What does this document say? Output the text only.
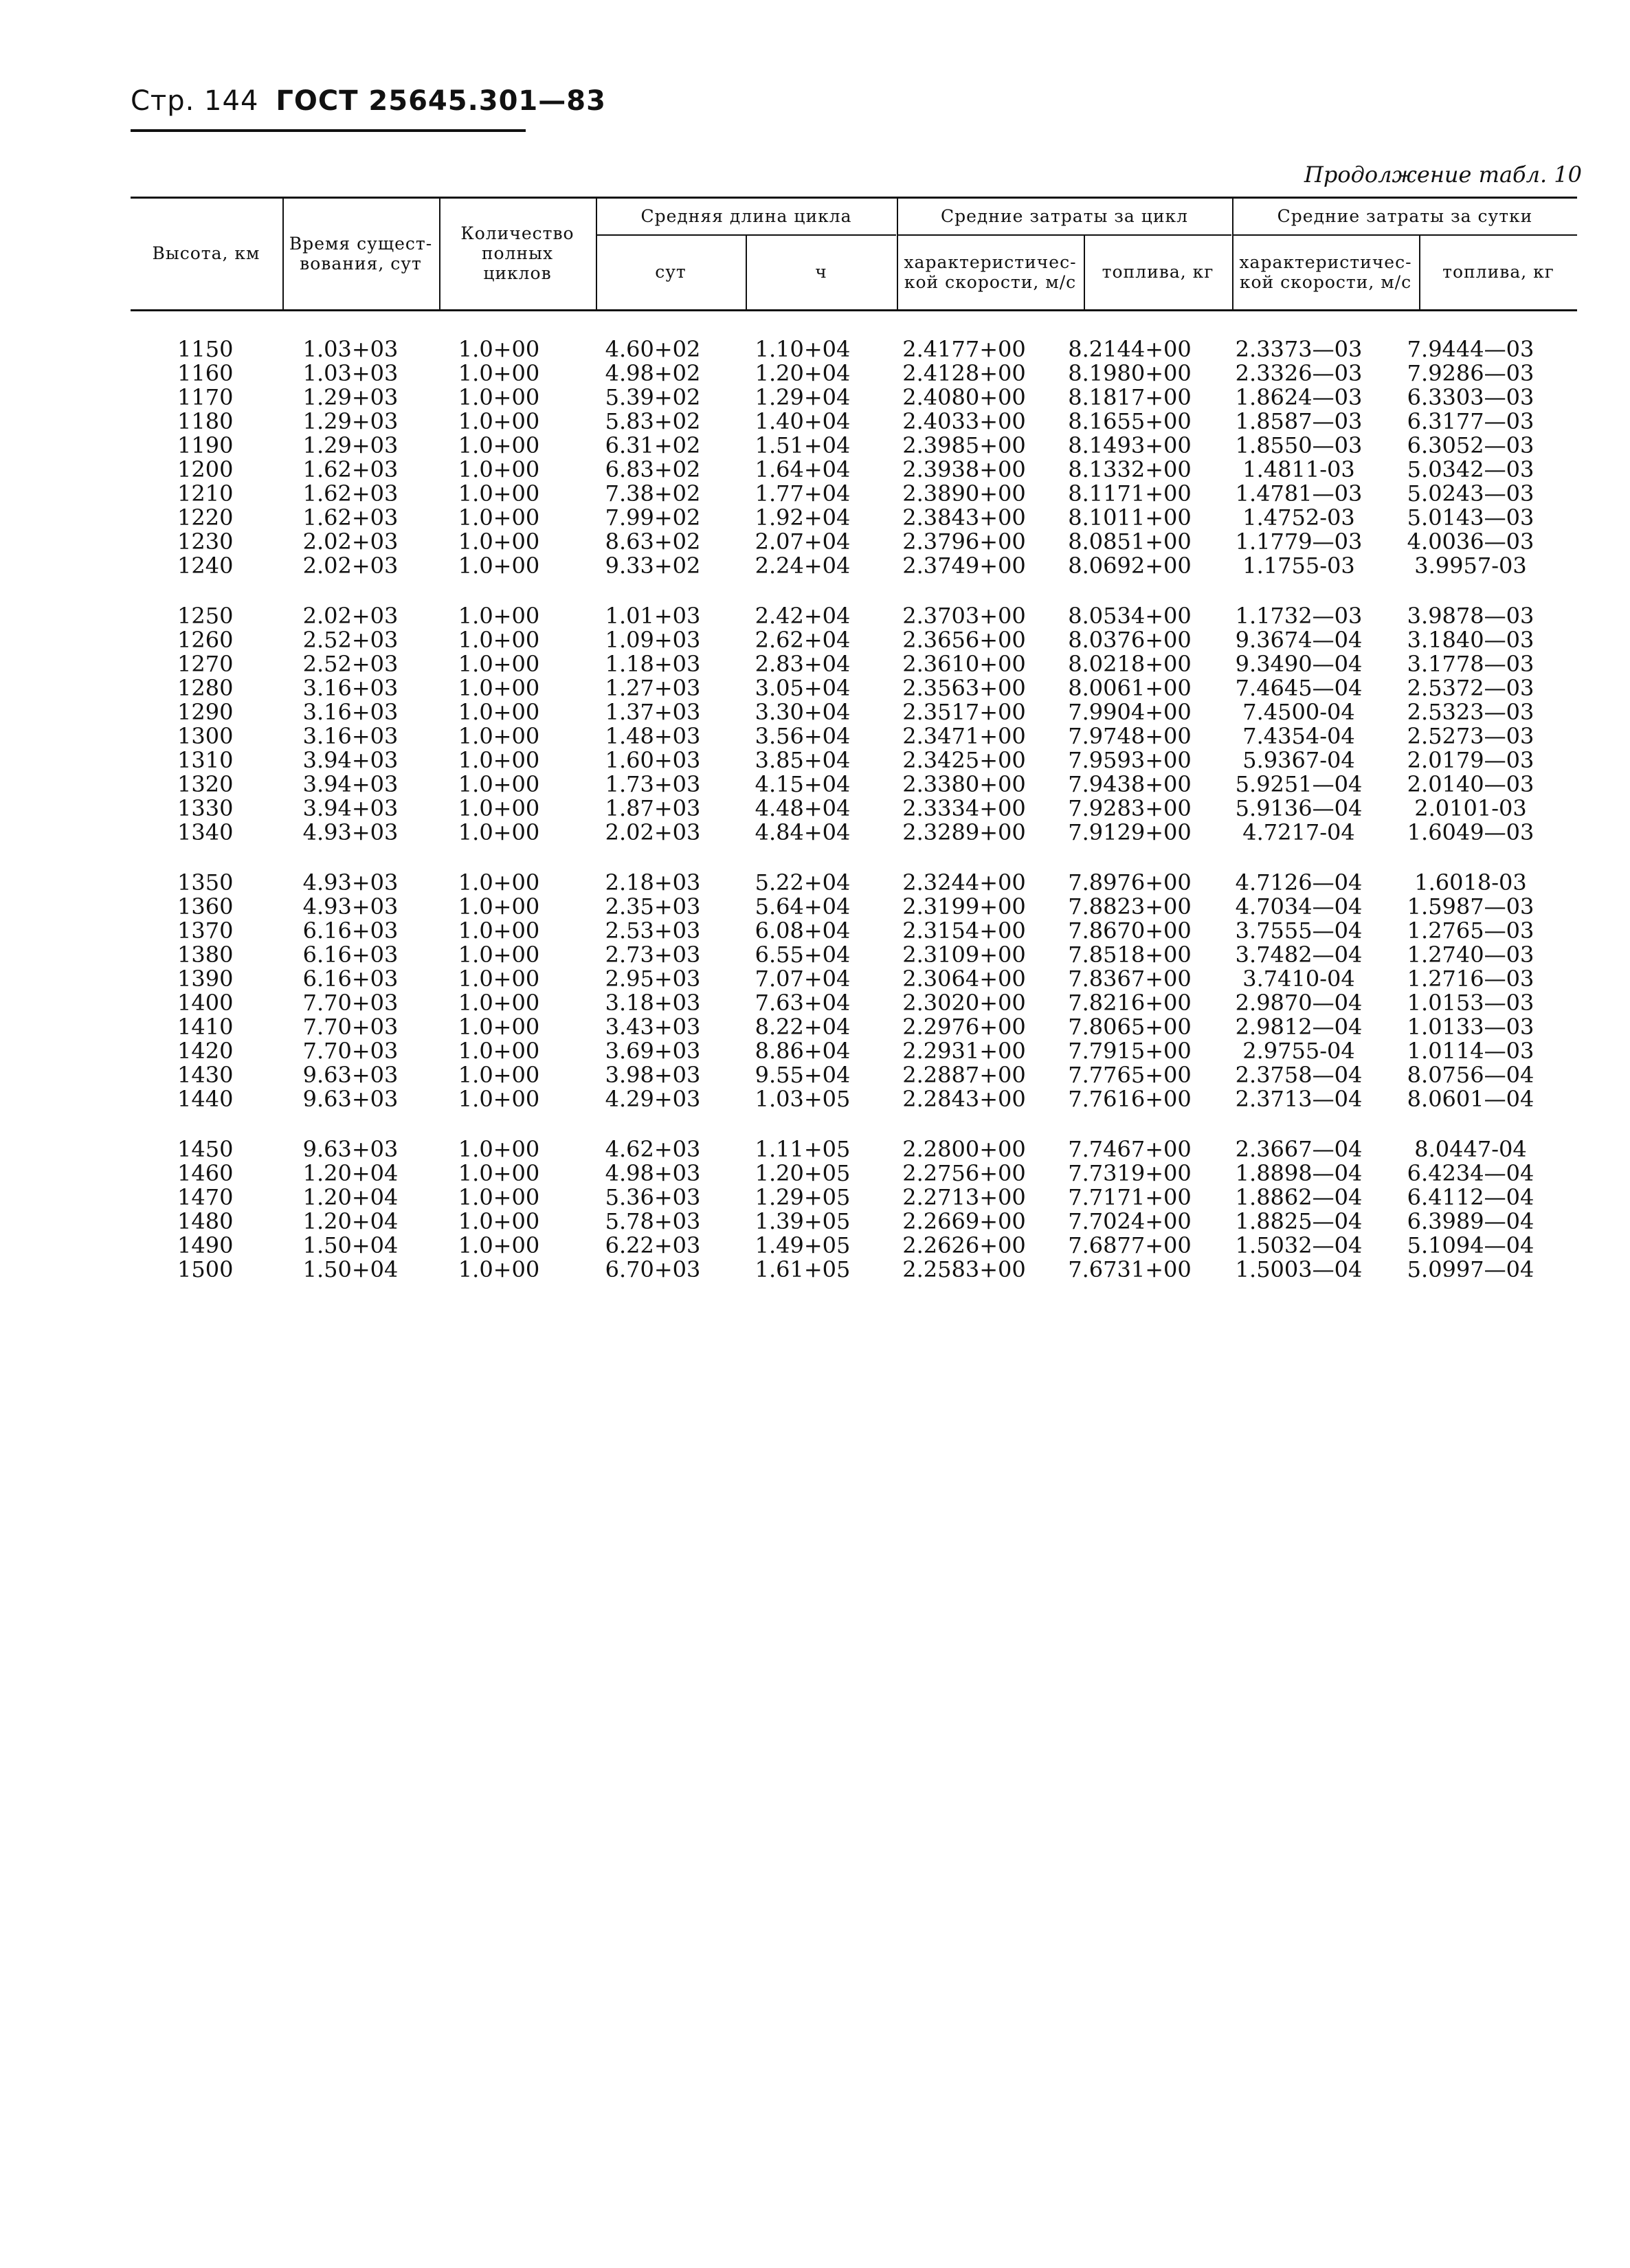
Стр. 144 ГОСТ 25645.301—83
Продолжение табл. 10
Высота, км	Время сущест-вования, сут
Количество полных циклов
Средняя длина цикла
сут	ч
Средние затраты за цикл
характеристичес-кой скорости, м/с	топлива, кг
Средние затраты за сутки
характеристичес-кой скорости, м/с	топлива, кг
1150	1.03+03	1.0+00	4.60+02	1.10+04	2.4177+00	8.2144+00	2.3373—03	7.9444—03
1160	1.03+03	1.0+00	4.98+02	1.20+04	2.4128+00	8.1980+00	2.3326—03	7.9286—03
1170	1.29+03	1.0+00	5.39+02	1.29+04	2.4080+00	8.1817+00	1.8624—03	6.3303—03
1180	1.29+03	1.0+00	5.83+02	1.40+04	2.4033+00	8.1655+00	1.8587—03	6.3177—03
1190	1.29+03	1.0+00	6.31+02	1.51+04	2.3985+00	8.1493+00	1.8550—03	6.3052—03
1200	1.62+03	1.0+00	6.83+02	1.64+04	2.3938+00	8.1332+00	1.4811-03	5.0342—03
1210	1.62+03	1.0+00	7.38+02	1.77+04	2.3890+00	8.1171+00	1.4781—03	5.0243—03
1220	1.62+03	1.0+00	7.99+02	1.92+04	2.3843+00	8.1011+00	1.4752-03	5.0143—03
1230	2.02+03	1.0+00	8.63+02	2.07+04	2.3796+00	8.0851+00	1.1779—03	4.0036—03
1240	2.02+03	1.0+00	9.33+02	2.24+04	2.3749+00	8.0692+00	1.1755-03	3.9957-03
1250	2.02+03	1.0+00	1.01+03	2.42+04	2.3703+00	8.0534+00	1.1732—03	3.9878—03
1260	2.52+03	1.0+00	1.09+03	2.62+04	2.3656+00	8.0376+00	9.3674—04	3.1840—03
1270	2.52+03	1.0+00	1.18+03	2.83+04	2.3610+00	8.0218+00	9.3490—04	3.1778—03
1280	3.16+03	1.0+00	1.27+03	3.05+04	2.3563+00	8.0061+00	7.4645—04	2.5372—03
1290	3.16+03	1.0+00	1.37+03	3.30+04	2.3517+00	7.9904+00	7.4500-04	2.5323—03
1300	3.16+03	1.0+00	1.48+03	3.56+04	2.3471+00	7.9748+00	7.4354-04	2.5273—03
1310	3.94+03	1.0+00	1.60+03	3.85+04	2.3425+00	7.9593+00	5.9367-04	2.0179—03
1320	3.94+03	1.0+00	1.73+03	4.15+04	2.3380+00	7.9438+00	5.9251—04	2.0140—03
1330	3.94+03	1.0+00	1.87+03	4.48+04	2.3334+00	7.9283+00	5.9136—04	2.0101-03
1340	4.93+03	1.0+00	2.02+03	4.84+04	2.3289+00	7.9129+00	4.7217-04	1.6049—03
1350	4.93+03	1.0+00	2.18+03	5.22+04	2.3244+00	7.8976+00	4.7126—04	1.6018-03
1360	4.93+03	1.0+00	2.35+03	5.64+04	2.3199+00	7.8823+00	4.7034—04	1.5987—03
1370	6.16+03	1.0+00	2.53+03	6.08+04	2.3154+00	7.8670+00	3.7555—04	1.2765—03
1380	6.16+03	1.0+00	2.73+03	6.55+04	2.3109+00	7.8518+00	3.7482—04	1.2740—03
1390	6.16+03	1.0+00	2.95+03	7.07+04	2.3064+00	7.8367+00	3.7410-04	1.2716—03
1400	7.70+03	1.0+00	3.18+03	7.63+04	2.3020+00	7.8216+00	2.9870—04	1.0153—03
1410	7.70+03	1.0+00	3.43+03	8.22+04	2.2976+00	7.8065+00	2.9812—04	1.0133—03
1420	7.70+03	1.0+00	3.69+03	8.86+04	2.2931+00	7.7915+00	2.9755-04	1.0114—03
1430	9.63+03	1.0+00	3.98+03	9.55+04	2.2887+00	7.7765+00	2.3758—04	8.0756—04
1440	9.63+03	1.0+00	4.29+03	1.03+05	2.2843+00	7.7616+00	2.3713—04	8.0601—04
1450	9.63+03	1.0+00	4.62+03	1.11+05	2.2800+00	7.7467+00	2.3667—04	8.0447-04
1460	1.20+04	1.0+00	4.98+03	1.20+05	2.2756+00	7.7319+00	1.8898—04	6.4234—04
1470	1.20+04	1.0+00	5.36+03	1.29+05	2.2713+00	7.7171+00	1.8862—04	6.4112—04
1480	1.20+04	1.0+00	5.78+03	1.39+05	2.2669+00	7.7024+00	1.8825—04	6.3989—04
1490	1.50+04	1.0+00	6.22+03	1.49+05	2.2626+00	7.6877+00	1.5032—04	5.1094—04
1500	1.50+04	1.0+00	6.70+03	1.61+05	2.2583+00	7.6731+00	1.5003—04	5.0997—04
